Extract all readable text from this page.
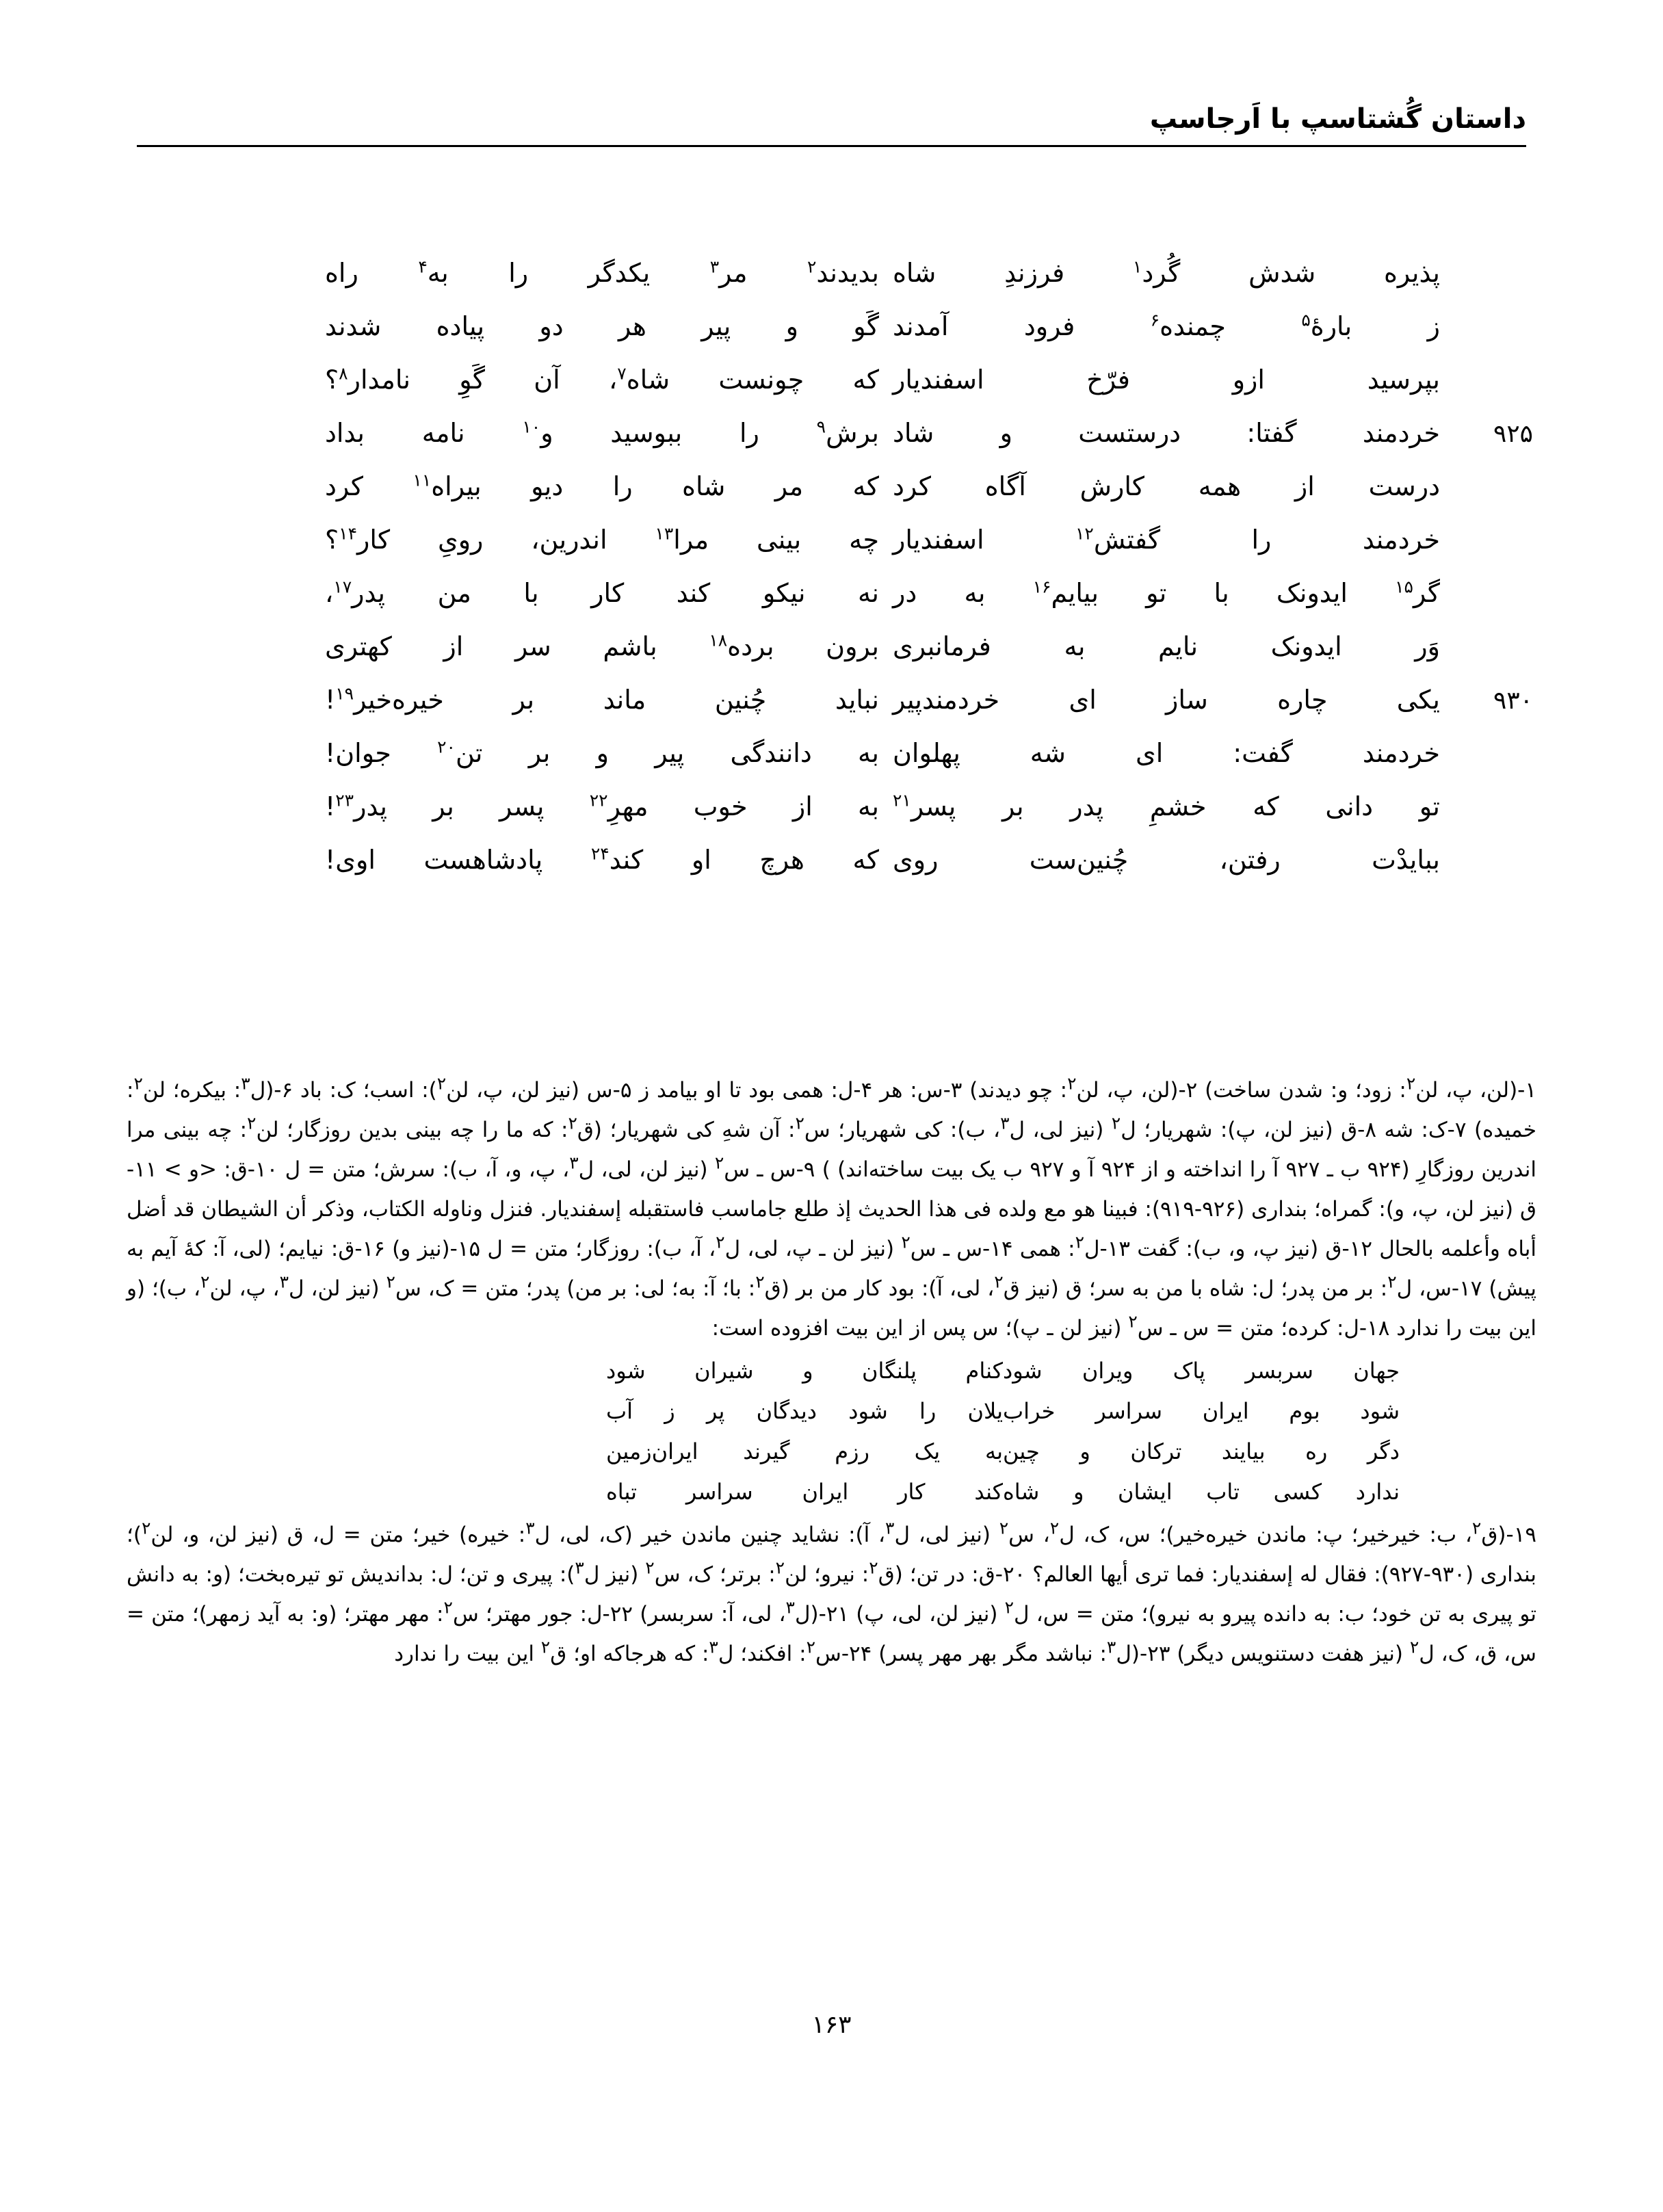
داستان گُشتاسپ با اَرجاسپ
پذیره شدش گُرد$^۱$ فرزندِ شاه
بدیدند$^۲$ مر$^۳$ یکدگر را به$^۴$ راه
ز بارهٔ$^۵$ چمنده$^۶$ فرود آمدند
گَو و پیر هر دو پیاده شدند
بپرسید ازو فرّخ اسفندیار
که چونست شاه$^۷$، آن گَوِ نامدار$^۸$؟
۹۲۵
خردمند گفتا: درستست و شاد
برش$^۹$ را ببوسید و$^{۱۰}$ نامه بداد
درست از همه کارش آگاه کرد
که مر شاه را دیو بیراه$^{۱۱}$ کرد
خردمند را گفتش$^{۱۲}$ اسفندیار
چه بینی مرا$^{۱۳}$ اندرین، رویِ کار$^{۱۴}$؟
گر$^{۱۵}$ ایدونک با تو بیایم$^{۱۶}$ به در
نه نیکو کند کار با من پدر$^{۱۷}$،
وَر ایدونک نایم به فرمانبری
برون برده$^{۱۸}$ باشم سر از کهتری
۹۳۰
یکی چاره ساز ای خردمندپیر
نباید چُنین ماند بر خیره‌خیر$^{۱۹}$!
خردمند گفت: ای شه پهلوان
به دانندگی پیر و بر تن$^{۲۰}$ جوان!
تو دانی که خشمِ پدر بر پسر$^{۲۱}$
به از خوب مهرِ$^{۲۲}$ پسر بر پدر$^{۲۳}$!
ببایدْت رفتن، چُنین‌ست روی
که هرچ او کند$^{۲۴}$ پادشاهست اوی!
۱-(لن، پ، لن$^۲$: زود؛ و: شدن ساخت) ۲-(لن، پ، لن$^۲$: چو دیدند) ۳-س: هر ۴-ل: همی بود تا او بیامد ز ۵-س (نیز لن، پ، لن$^۲$): اسب؛ ک: باد ۶-(ل$^۳$: بیکره؛ لن$^۲$: خمیده) ۷-ک: شه ۸-ق (نیز لن، پ): شهریار؛ ل$^۲$ (نیز لی، ل$^۳$، ب): کی شهریار؛ س$^۲$: آن شهِ کی شهریار؛ (ق$^۲$: که ما را چه بینی بدین روزگار؛ لن$^۲$: چه بینی مرا اندرین روزگارِ (۹۲۴ ب ـ ۹۲۷ آ را انداخته و از ۹۲۴ آ و ۹۲۷ ب یک بیت ساخته‌اند) ) ۹-س ـ س$^۲$ (نیز لن، لی، ل$^۳$، پ، و، آ، ب): سرش؛ متن = ل ۱۰-ق: <و > ۱۱-ق (نیز لن، پ، و): گمراه؛ بنداری (۹۲۶-۹۱۹): فبینا هو مع ولده فی هذا الحدیث إذ طلع جاماسب فاستقبله إسفندیار. فنزل وناوله الکتاب، وذکر أن الشیطان قد أضل أباه وأعلمه بالحال ۱۲-ق (نیز پ، و، ب): گفت ۱۳-ل$^۲$: همی ۱۴-س ـ س$^۲$ (نیز لن ـ پ، لی، ل$^۲$، آ، ب): روزگار؛ متن = ل ۱۵-(نیز و) ۱۶-ق: نیایم؛ (لی، آ: کهٔ آیم به پیش) ۱۷-س، ل$^۲$: بر من پدر؛ ل: شاه با من به سر؛ ق (نیز ق$^۲$، لی، آ): بود کار من بر (ق$^۲$: با؛ آ: به؛ لی: بر من) پدر؛ متن = ک، س$^۲$ (نیز لن، ل$^۳$، پ، لن$^۲$، ب)؛ (و این بیت را ندارد ۱۸-ل: کرده؛ متن = س ـ س$^۲$ (نیز لن ـ پ)؛ س پس از این بیت افزوده است:
جهان سربسر پاک ویران شود
کنام پلنگان و شیران شود
شود بوم ایران سراسر خراب
یلان را شود دیدگان پر ز آب
دگر ره بیایند ترکان و چین
به یک رزم گیرند ایران‌زمین
ندارد کسی تاب ایشان و شاه
کند کار ایران سراسر تباه
۱۹-(ق$^۲$، ب: خیرخیر؛ پ: ماندن خیره‌خیر)؛ س، ک، ل$^۲$، س$^۲$ (نیز لی، ل$^۳$، آ): نشاید چنین ماندن خیر (ک، لی، ل$^۳$: خیره) خیر؛ متن = ل، ق (نیز لن، و، لن$^۲$)؛ بنداری (۹۳۰-۹۲۷): فقال له إسفندیار: فما تری أیها العالم؟ ۲۰-ق: در تن؛ (ق$^۲$: نیرو؛ لن$^۲$: برتر؛ ک، س$^۲$ (نیز ل$^۳$): پیری و تن؛ ل: بداندیش تو تیره‌بخت؛ (و: به دانش تو پیری به تن خود؛ ب: به دانده پیرو به نیرو)؛ متن = س، ل$^۲$ (نیز لن، لی، پ) ۲۱-(ل$^۳$، لی، آ: سربسر) ۲۲-ل: جور مهتر؛ س$^۲$: مهر مهتر؛ (و: به آید زمهر)؛ متن = س، ق، ک، ل$^۲$ (نیز هفت دستنویس دیگر) ۲۳-(ل$^۳$: نباشد مگر بهر مهر پسر) ۲۴-س$^۲$: افکند؛ ل$^۳$: که هرجاکه او؛ ق$^۲$ این بیت را ندارد
۱۶۳
